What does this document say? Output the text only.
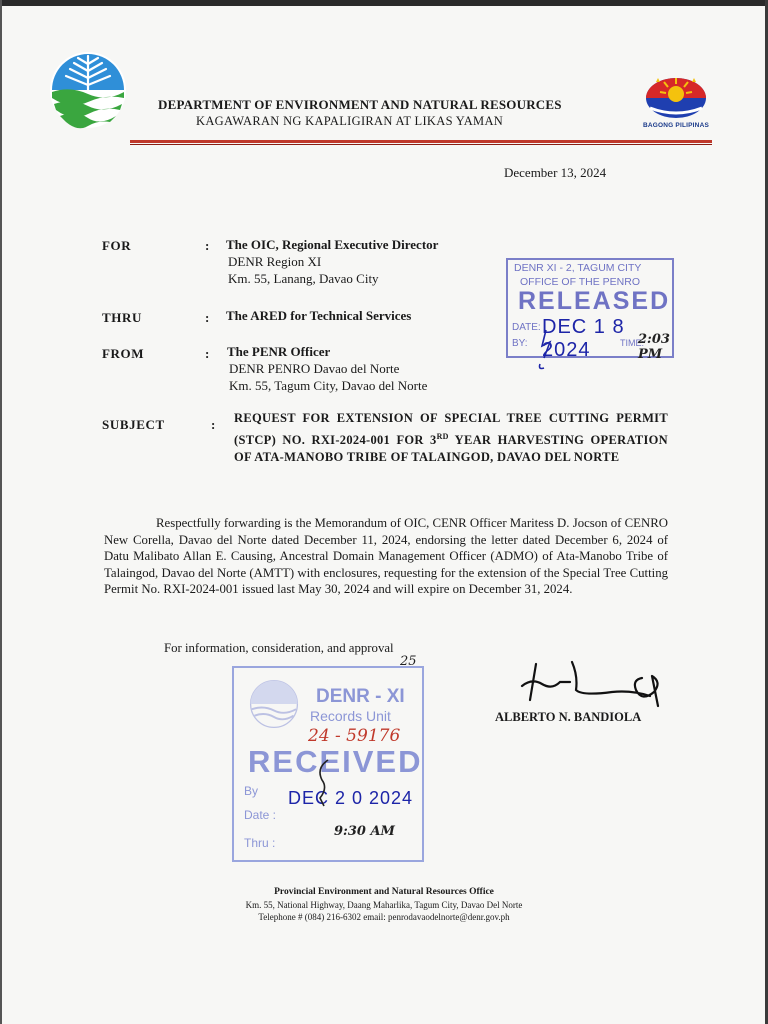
BAGONG PILIPINAS
DEPARTMENT OF ENVIRONMENT AND NATURAL RESOURCES
KAGAWARAN NG KAPALIGIRAN AT LIKAS YAMAN
December 13, 2024
FOR	: The OIC, Regional Executive Director
DENR Region XI
Km. 55, Lanang, Davao City
THRU	: The ARED for Technical Services
FROM	: The PENR Officer
DENR PENRO Davao del Norte
Km. 55, Tagum City, Davao del Norte
SUBJECT	: REQUEST FOR EXTENSION OF SPECIAL TREE CUTTING PERMIT (STCP) NO. RXI-2024-001 FOR 3RD YEAR HARVESTING OPERATION OF ATA-MANOBO TRIBE OF TALAINGOD, DAVAO DEL NORTE
DENR XI - 2, TAGUM CITY
OFFICE OF THE PENRO
RELEASED
DATE: DEC 1 8 2024
BY:	TIME:
2:03 PM
Respectfully forwarding is the Memorandum of OIC, CENR Officer Maritess D. Jocson of CENRO New Corella, Davao del Norte dated December 11, 2024, endorsing the letter dated December 6, 2024 of Datu Malibato Allan E. Causing, Ancestral Domain Management Officer (ADMO) of Ata-Manobo Tribe of Talaingod, Davao del Norte (AMTT) with enclosures, requesting for the extension of the Special Tree Cutting Permit No. RXI-2024-001 issued last May 30, 2024 and will expire on December 31, 2024.
For information, consideration, and approval
ALBERTO N. BANDIOLA
DENR - XI
Records Unit
24 - 59176
RECEIVED
By DEC 2 0 2024
Date :
Thru :
9:30 AM
25
Provincial Environment and Natural Resources Office
Km. 55, National Highway, Daang Maharlika, Tagum City, Davao Del Norte
Telephone # (084) 216-6302 email: penrodavaodelnorte@denr.gov.ph
